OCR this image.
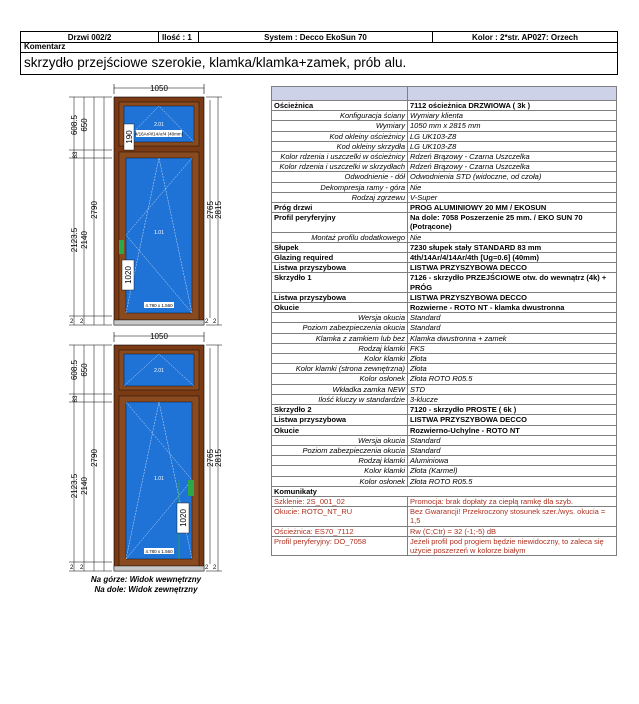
Drzwi 002/2	Ilość : 1	System : Decco EkoSun 70	Kolor : 2*str. AP027: Orzech
Komentarz
skrzydło przejściowe szerokie, klamka/klamka+zamek, prób alu.
1050
608.5 650
83
2123.5 2140
2790
2 2
2765 2815
2 2
2.01
4/16Ar/4/14Ar/4 (40mm)
190
1.01
4.780 x 1.560
1020
1050
608.5 650
83
2123.5 2140
2790
2 2
2765 2815
2 2
2.01
1.01
4.780 x 1.560
1020
Na górze: Widok wewnętrzny
Na dole: Widok zewnętrzny

Ościeżnica	7112 ościeżnica DRZWIOWA ( 3k )
Konfiguracja ściany	Wymiary klienta
Wymiary	1050 mm x 2815 mm
Kod okleiny ościeżnicy	LG UK103-Z8
Kod okleiny skrzydła	LG UK103-Z8
Kolor rdzenia i uszczelki w ościeżnicy	Rdzeń Brązowy - Czarna Uszczelka
Kolor rdzenia i uszczelki w skrzydłach	Rdzeń Brązowy - Czarna Uszczelka
Odwodnienie - dół	Odwodnienia STD (widoczne, od czoła)
Dekompresja ramy - góra	Nie
Rodzaj zgrzewu	V-Super
Próg drzwi	PROG ALUMINIOWY 20 MM / EKOSUN
Profil peryferyjny	Na dole: 7058 Poszerzenie 25 mm. / EKO SUN 70 (Potrącone)
Montaż profilu dodatkowego	Nie
Słupek	7230 słupek stały STANDARD 83 mm
Glazing required	4th/14Ar/4/14Ar/4th [Ug=0.6] (40mm)
Listwa przyszybowa	LISTWA PRZYSZYBOWA DECCO
Skrzydło 1	7126 - skrzydło PRZEJŚCIOWE otw. do wewnątrz (4k) + PRÓG
Listwa przyszybowa	LISTWA PRZYSZYBOWA DECCO
Okucie	Rozwierne - ROTO NT - klamka dwustronna
Wersja okucia	Standard
Poziom zabezpieczenia okucia	Standard
Klamka z zamkiem lub bez	Klamka dwustronna + zamek
Rodzaj klamki	FKS
Kolor klamki	Złota
Kolor klamki (strona zewnętrzna)	Złota
Kolor osłonek	Złota ROTO R05.5
Wkładka zamka NEW	STD
Ilość kluczy w standardzie	3-klucze
Skrzydło 2	7120 - skrzydło PROSTE ( 6k )
Listwa przyszybowa	LISTWA PRZYSZYBOWA DECCO
Okucie	Rozwierno-Uchylne - ROTO NT
Wersja okucia	Standard
Poziom zabezpieczenia okucia	Standard
Rodzaj klamki	Aluminiowa
Kolor klamki	Złota (Karmel)
Kolor osłonek	Złota ROTO R05.5
Komunikaty	
Szklenie: 2S_001_02	Promocja: brak dopłaty za ciepłą ramkę dla szyb.
Okucie: ROTO_NT_RU	Bez Gwarancji! Przekroczony stosunek szer./wys. okucia = 1,5
Ościeżnica: ES70_7112	Rw (C;Ctr) = 32 (-1;-5) dB
Profil peryferyjny: DO_7058	Jeżeli profil pod progiem będzie niewidoczny, to zaleca się użycie poszerzeń w kolorze białym
